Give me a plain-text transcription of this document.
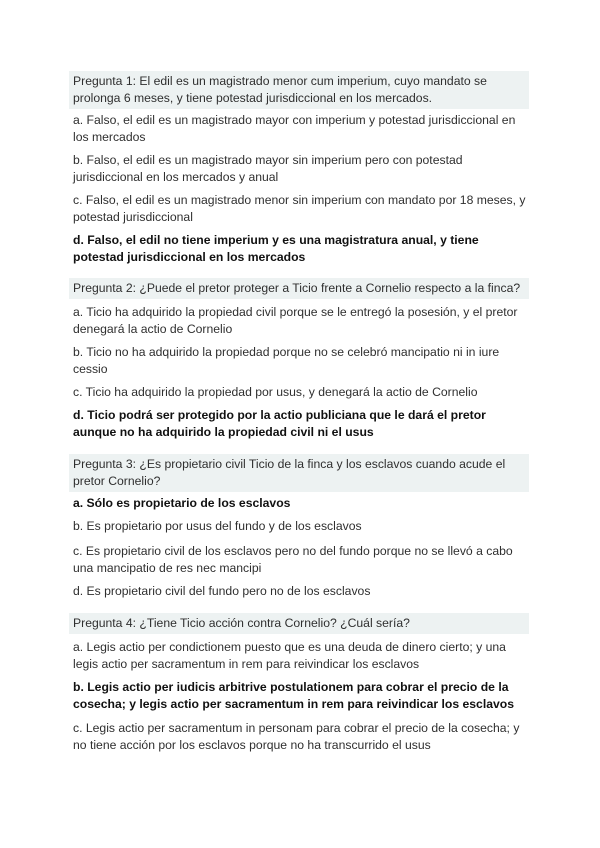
Pregunta 1: El edil es un magistrado menor cum imperium, cuyo mandato se prolonga 6 meses, y tiene potestad jurisdiccional en los mercados.
a. Falso, el edil es un magistrado mayor con imperium y potestad jurisdiccional en los mercados
b. Falso, el edil es un magistrado mayor sin imperium pero con potestad jurisdiccional en los mercados y anual
c. Falso, el edil es un magistrado menor sin imperium con mandato por 18 meses, y potestad jurisdiccional
d. Falso, el edil no tiene imperium y es una magistratura anual, y tiene potestad jurisdiccional en los mercados
Pregunta 2: ¿Puede el pretor proteger a Ticio frente a Cornelio respecto a la finca?
a. Ticio ha adquirido la propiedad civil porque se le entregó la posesión, y el pretor denegará la actio de Cornelio
b. Ticio no ha adquirido la propiedad porque no se celebró mancipatio ni in iure cessio
c. Ticio ha adquirido la propiedad por usus, y denegará la actio de Cornelio
d. Ticio podrá ser protegido por la actio publiciana que le dará el pretor aunque no ha adquirido la propiedad civil ni el usus
Pregunta 3: ¿Es propietario civil Ticio de la finca y los esclavos cuando acude el pretor Cornelio?
a. Sólo es propietario de los esclavos
b. Es propietario por usus del fundo y de los esclavos
c. Es propietario civil de los esclavos pero no del fundo porque no se llevó a cabo una mancipatio de res nec mancipi
d. Es propietario civil del fundo pero no de los esclavos
Pregunta 4: ¿Tiene Ticio acción contra Cornelio? ¿Cuál sería?
a. Legis actio per condictionem puesto que es una deuda de dinero cierto; y una legis actio per sacramentum in rem para reivindicar los esclavos
b. Legis actio per iudicis arbitrive postulationem para cobrar el precio de la cosecha; y legis actio per sacramentum in rem para reivindicar los esclavos
c. Legis actio per sacramentum in personam para cobrar el precio de la cosecha; y no tiene acción por los esclavos porque no ha transcurrido el usus
